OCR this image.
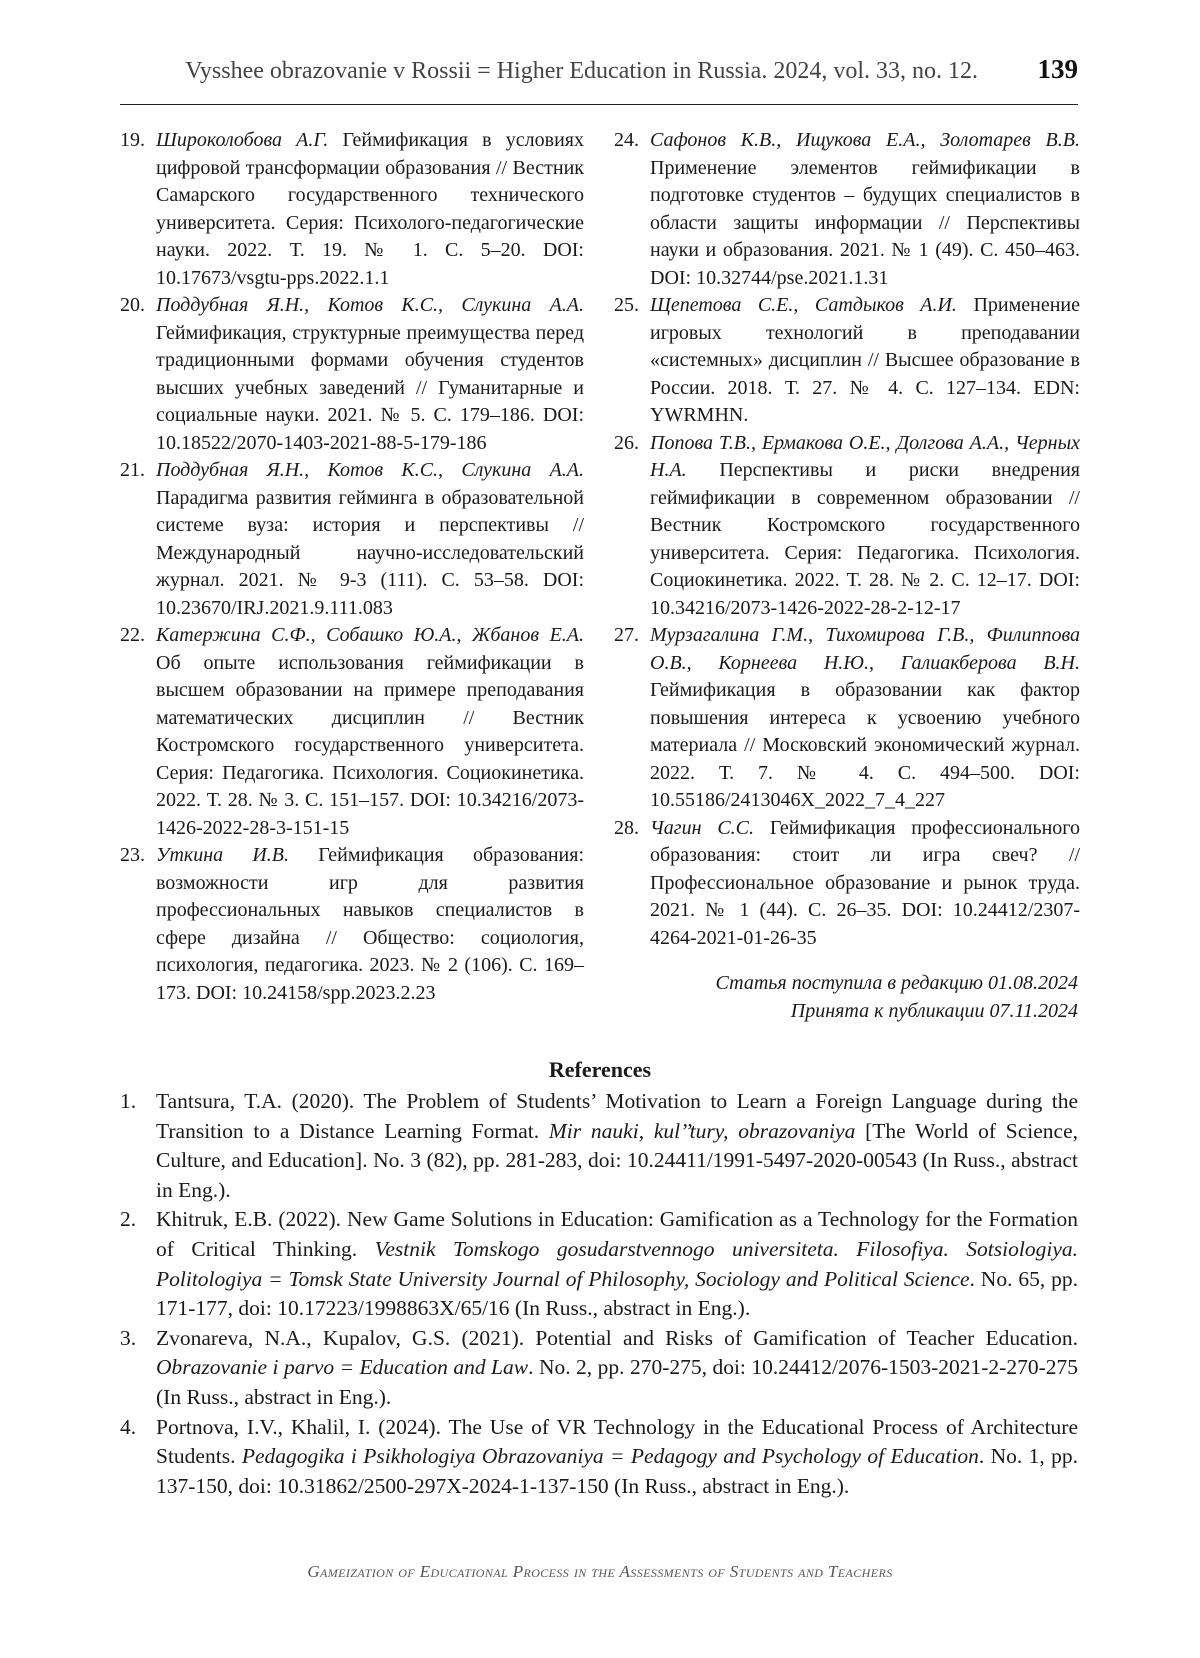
Vysshee obrazovanie v Rossii = Higher Education in Russia. 2024, vol. 33, no. 12. 139

19. Широколобова А.Г. Геймификация в условиях цифровой трансформации образования // Вестник Самарского государственного технического университета. Серия: Психолого-педагогические науки. 2022. Т. 19. № 1. С. 5–20. DOI: 10.17673/vsgtu-pps.2022.1.1

20. Поддубная Я.Н., Котов К.С., Слукина А.А. Геймификация, структурные преимущества перед традиционными формами обучения студентов высших учебных заведений // Гуманитарные и социальные науки. 2021. № 5. С. 179–186. DOI: 10.18522/2070-1403-2021-88-5-179-186

21. Поддубная Я.Н., Котов К.С., Слукина А.А. Парадигма развития гейминга в образовательной системе вуза: история и перспективы // Международный научно-исследовательский журнал. 2021. № 9-3 (111). С. 53–58. DOI: 10.23670/IRJ.2021.9.111.083

22. Катержина С.Ф., Собашко Ю.А., Жбанов Е.А. Об опыте использования геймификации в высшем образовании на примере преподавания математических дисциплин // Вестник Костромского государственного университета. Серия: Педагогика. Психология. Социокинетика. 2022. Т. 28. № 3. С. 151–157. DOI: 10.34216/2073-1426-2022-28-3-151-15

23. Уткина И.В. Геймификация образования: возможности игр для развития профессиональных навыков специалистов в сфере дизайна // Общество: социология, психология, педагогика. 2023. № 2 (106). С. 169–173. DOI: 10.24158/spp.2023.2.23

24. Сафонов К.В., Ищукова Е.А., Золотарев В.В. Применение элементов геймификации в подготовке студентов – будущих специалистов в области защиты информации // Перспективы науки и образования. 2021. № 1 (49). С. 450–463. DOI: 10.32744/pse.2021.1.31

25. Щепетова С.Е., Сатдыков А.И. Применение игровых технологий в преподавании «системных» дисциплин // Высшее образование в России. 2018. Т. 27. № 4. С. 127–134. EDN: YWRMHN.

26. Попова Т.В., Ермакова О.Е., Долгова А.А., Черных Н.А. Перспективы и риски внедрения геймификации в современном образовании // Вестник Костромского государственного университета. Серия: Педагогика. Психология. Социокинетика. 2022. Т. 28. № 2. С. 12–17. DOI: 10.34216/2073-1426-2022-28-2-12-17

27. Мурзагалина Г.М., Тихомирова Г.В., Филиппова О.В., Корнеева Н.Ю., Галиакберова В.Н. Геймификация в образовании как фактор повышения интереса к усвоению учебного материала // Московский экономический журнал. 2022. Т. 7. № 4. С. 494–500. DOI: 10.55186/2413046X_2022_7_4_227

28. Чагин С.С. Геймификация профессионального образования: стоит ли игра свеч? // Профессиональное образование и рынок труда. 2021. № 1 (44). С. 26–35. DOI: 10.24412/2307-4264-2021-01-26-35

Статья поступила в редакцию 01.08.2024
Принята к публикации 07.11.2024
References

1. Tantsura, T.A. (2020). The Problem of Students’ Motivation to Learn a Foreign Language during the Transition to a Distance Learning Format. Mir nauki, kul’’tury, obrazovaniya [The World of Science, Culture, and Education]. No. 3 (82), pp. 281-283, doi: 10.24411/1991-5497-2020-00543 (In Russ., abstract in Eng.).

2. Khitruk, E.B. (2022). New Game Solutions in Education: Gamification as a Technology for the Formation of Critical Thinking. Vestnik Tomskogo gosudarstvennogo universiteta. Filosofiya. Sotsiologiya. Politologiya = Tomsk State University Journal of Philosophy, Sociology and Political Science. No. 65, pp. 171-177, doi: 10.17223/1998863X/65/16 (In Russ., abstract in Eng.).

3. Zvonareva, N.A., Kupalov, G.S. (2021). Potential and Risks of Gamification of Teacher Education. Obrazovanie i parvo = Education and Law. No. 2, pp. 270-275, doi: 10.24412/2076-1503-2021-2-270-275 (In Russ., abstract in Eng.).

4. Portnova, I.V., Khalil, I. (2024). The Use of VR Technology in the Educational Process of Architecture Students. Pedagogika i Psikhologiya Obrazovaniya = Pedagogy and Psychology of Education. No. 1, pp. 137-150, doi: 10.31862/2500-297X-2024-1-137-150 (In Russ., abstract in Eng.).

Gameization of Educational Process in the Assessments of Students and Teachers
